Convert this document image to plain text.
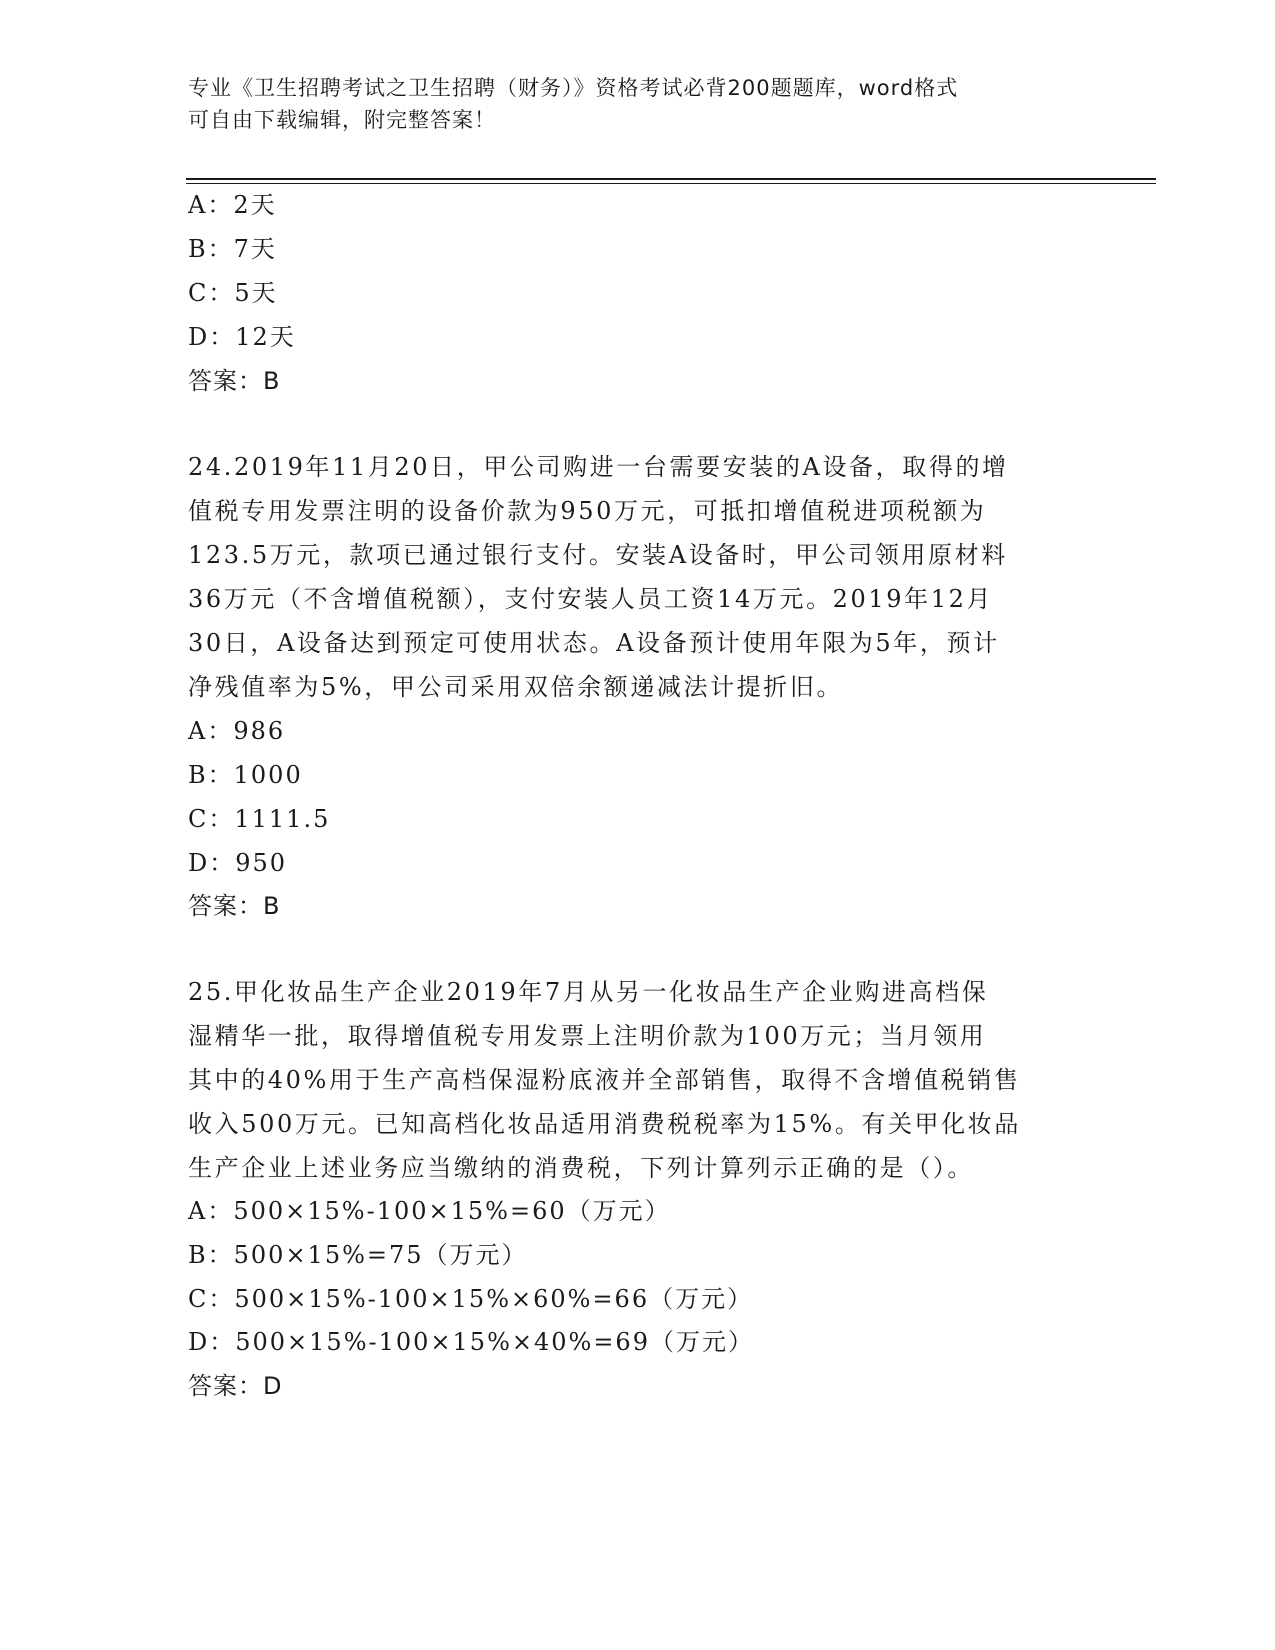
专业《卫生招聘考试之卫生招聘（财务）》资格考试必背200题题库，word格式
可自由下载编辑，附完整答案！
A：2天
B：7天
C：5天
D：12天
答案：B
24.2019年11月20日，甲公司购进一台需要安装的A设备，取得的增
值税专用发票注明的设备价款为950万元，可抵扣增值税进项税额为
123.5万元，款项已通过银行支付。安装A设备时，甲公司领用原材料
36万元（不含增值税额），支付安装人员工资14万元。2019年12月
30日，A设备达到预定可使用状态。A设备预计使用年限为5年，预计
净残值率为5%，甲公司采用双倍余额递减法计提折旧。
A：986
B：1000
C：1111.5
D：950
答案：B
25.甲化妆品生产企业2019年7月从另一化妆品生产企业购进高档保
湿精华一批，取得增值税专用发票上注明价款为100万元；当月领用
其中的40%用于生产高档保湿粉底液并全部销售，取得不含增值税销售
收入500万元。已知高档化妆品适用消费税税率为15%。有关甲化妆品
生产企业上述业务应当缴纳的消费税，下列计算列示正确的是（）。
A：500×15%-100×15%=60（万元）
B：500×15%=75（万元）
C：500×15%-100×15%×60%=66（万元）
D：500×15%-100×15%×40%=69（万元）
答案：D
